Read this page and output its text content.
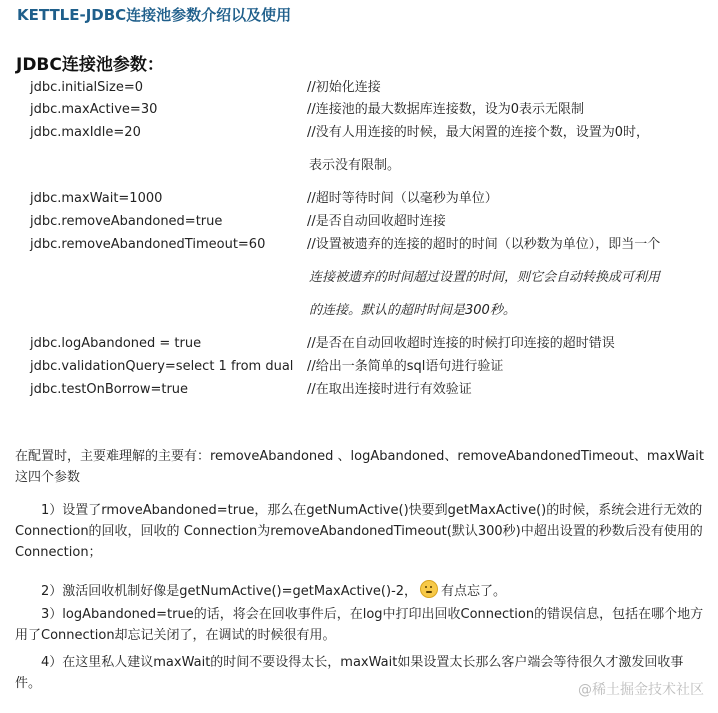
KETTLE-JDBC连接池参数介绍以及使用
JDBC连接池参数：
jdbc.initialSize=0	//初始化连接
jdbc.maxActive=30	//连接池的最大数据库连接数，设为0表示无限制
jdbc.maxIdle=20	//没有人用连接的时候，最大闲置的连接个数，设置为0时，
表示没有限制。
jdbc.maxWait=1000	//超时等待时间（以毫秒为单位）
jdbc.removeAbandoned=true	//是否自动回收超时连接
jdbc.removeAbandonedTimeout=60	//设置被遗弃的连接的超时的时间（以秒数为单位），即当一个
连接被遗弃的时间超过设置的时间，则它会自动转换成可利用
的连接。默认的超时时间是300秒。
jdbc.logAbandoned = true	//是否在自动回收超时连接的时候打印连接的超时错误
jdbc.validationQuery=select 1 from dual //给出一条简单的sql语句进行验证
jdbc.testOnBorrow=true	//在取出连接时进行有效验证

在配置时，主要难理解的主要有：removeAbandoned 、logAbandoned、removeAbandonedTimeout、maxWait这四个参数

1）设置了rmoveAbandoned=true，那么在getNumActive()快要到getMaxActive()的时候，系统会进行无效的Connection的回收，回收的 Connection为removeAbandonedTimeout(默认300秒)中超出设置的秒数后没有使用的Connection；

2）激活回收机制好像是getNumActive()=getMaxActive()-2， 有点忘了。

3）logAbandoned=true的话，将会在回收事件后，在log中打印出回收Connection的错误信息，包括在哪个地方用了Connection却忘记关闭了，在调试的时候很有用。

4）在这里私人建议maxWait的时间不要设得太长，maxWait如果设置太长那么客户端会等待很久才激发回收事件。	@稀土掘金技术社区
